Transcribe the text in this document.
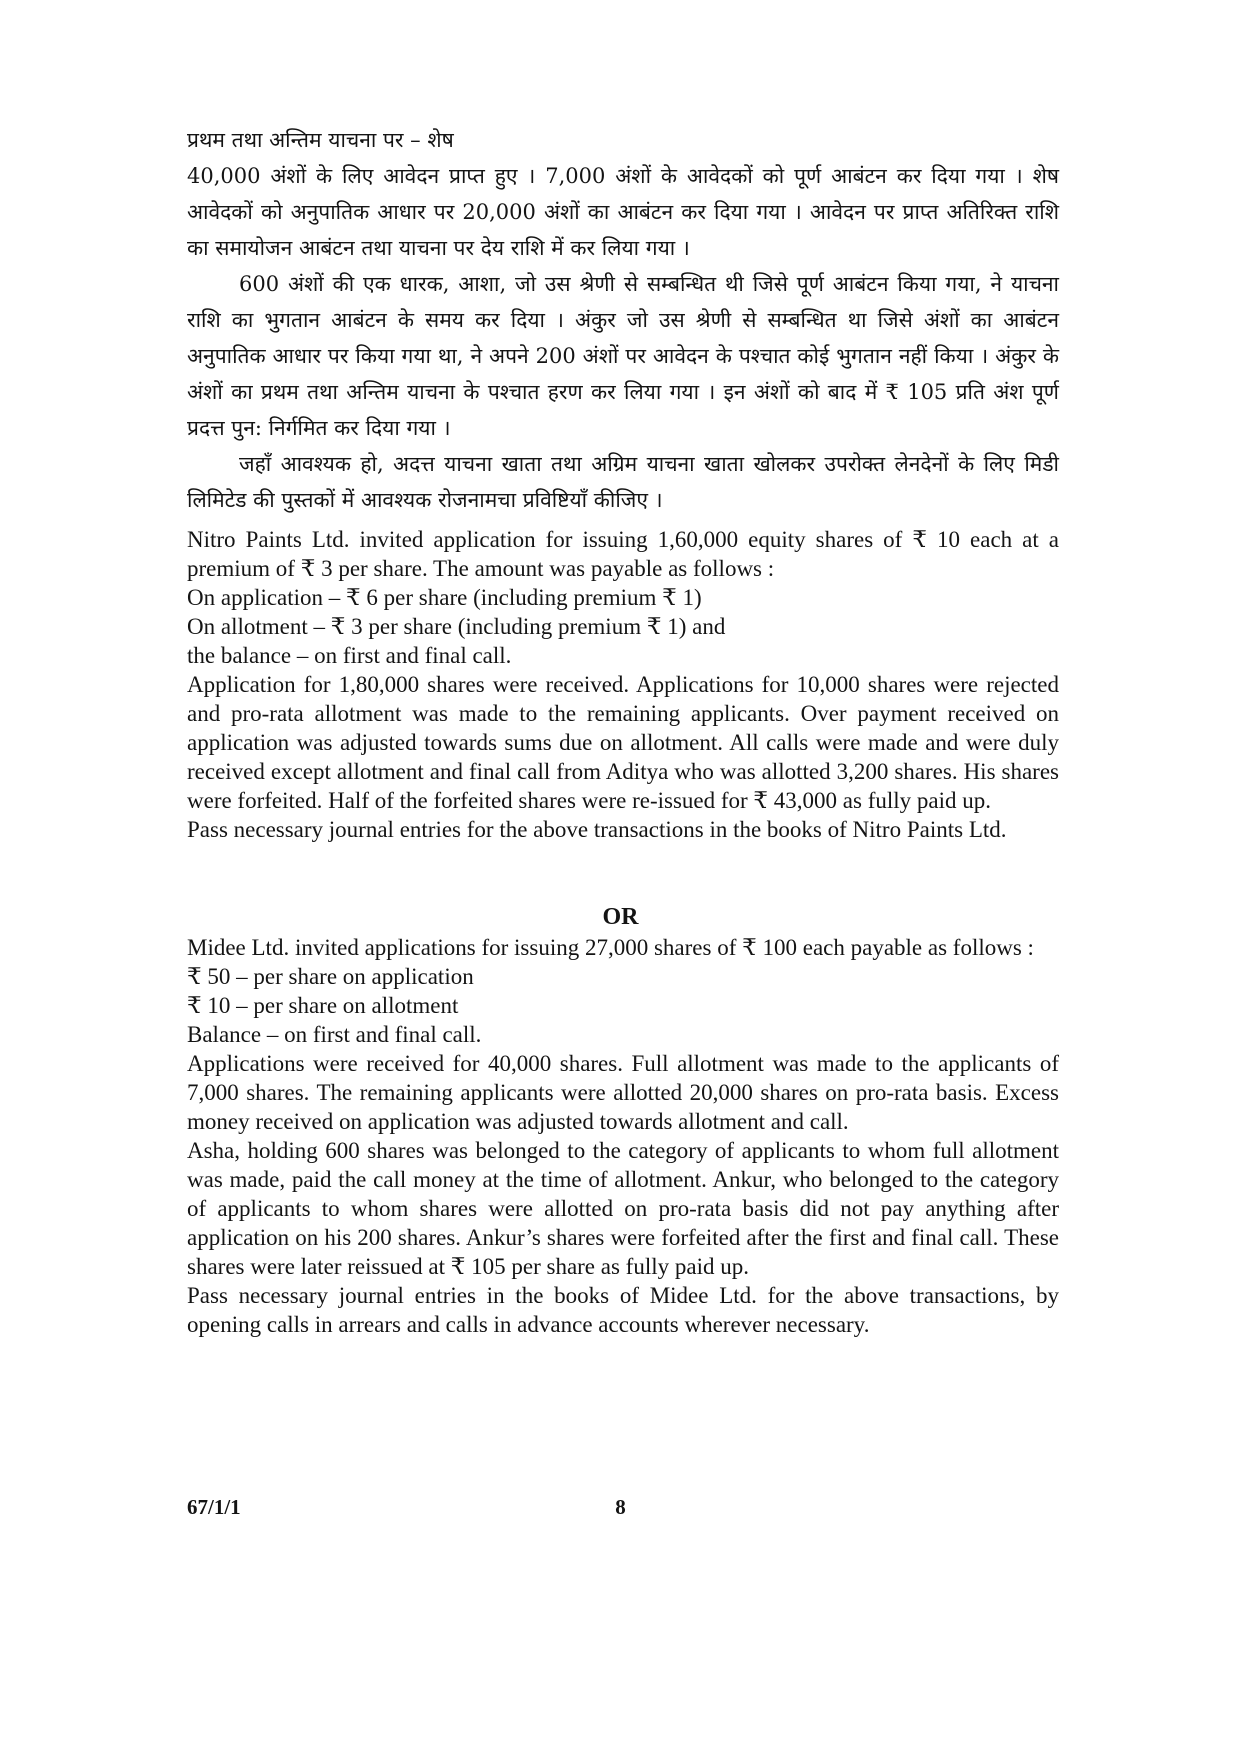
प्रथम तथा अन्तिम याचना पर – शेष

40,000 अंशों के लिए आवेदन प्राप्त हुए । 7,000 अंशों के आवेदकों को पूर्ण आबंटन कर दिया गया । शेष आवेदकों को अनुपातिक आधार पर 20,000 अंशों का आबंटन कर दिया गया । आवेदन पर प्राप्त अतिरिक्त राशि का समायोजन आबंटन तथा याचना पर देय राशि में कर लिया गया ।

600 अंशों की एक धारक, आशा, जो उस श्रेणी से सम्बन्धित थी जिसे पूर्ण आबंटन किया गया, ने याचना राशि का भुगतान आबंटन के समय कर दिया । अंकुर जो उस श्रेणी से सम्बन्धित था जिसे अंशों का आबंटन अनुपातिक आधार पर किया गया था, ने अपने 200 अंशों पर आवेदन के पश्चात कोई भुगतान नहीं किया । अंकुर के अंशों का प्रथम तथा अन्तिम याचना के पश्चात हरण कर लिया गया । इन अंशों को बाद में ₹ 105 प्रति अंश पूर्ण प्रदत्त पुन: निर्गमित कर दिया गया ।

जहाँ आवश्यक हो, अदत्त याचना खाता तथा अग्रिम याचना खाता खोलकर उपरोक्त लेनदेनों के लिए मिडी लिमिटेड की पुस्तकों में आवश्यक रोजनामचा प्रविष्टियाँ कीजिए ।

Nitro Paints Ltd. invited application for issuing 1,60,000 equity shares of ₹ 10 each at a premium of ₹ 3 per share. The amount was payable as follows :

On application – ₹ 6 per share (including premium ₹ 1)

On allotment – ₹ 3 per share (including premium ₹ 1) and

the balance – on first and final call.

Application for 1,80,000 shares were received. Applications for 10,000 shares were rejected and pro-rata allotment was made to the remaining applicants. Over payment received on application was adjusted towards sums due on allotment. All calls were made and were duly received except allotment and final call from Aditya who was allotted 3,200 shares. His shares were forfeited. Half of the forfeited shares were re-issued for ₹ 43,000 as fully paid up.

Pass necessary journal entries for the above transactions in the books of Nitro Paints Ltd.

OR

Midee Ltd. invited applications for issuing 27,000 shares of ₹ 100 each payable as follows :

₹ 50 – per share on application

₹ 10 – per share on allotment

Balance – on first and final call.

Applications were received for 40,000 shares. Full allotment was made to the applicants of 7,000 shares. The remaining applicants were allotted 20,000 shares on pro-rata basis. Excess money received on application was adjusted towards allotment and call.

Asha, holding 600 shares was belonged to the category of applicants to whom full allotment was made, paid the call money at the time of allotment. Ankur, who belonged to the category of applicants to whom shares were allotted on pro-rata basis did not pay anything after application on his 200 shares. Ankur’s shares were forfeited after the first and final call. These shares were later reissued at ₹ 105 per share as fully paid up.

Pass necessary journal entries in the books of Midee Ltd. for the above transactions, by opening calls in arrears and calls in advance accounts wherever necessary.

67/1/1	8
